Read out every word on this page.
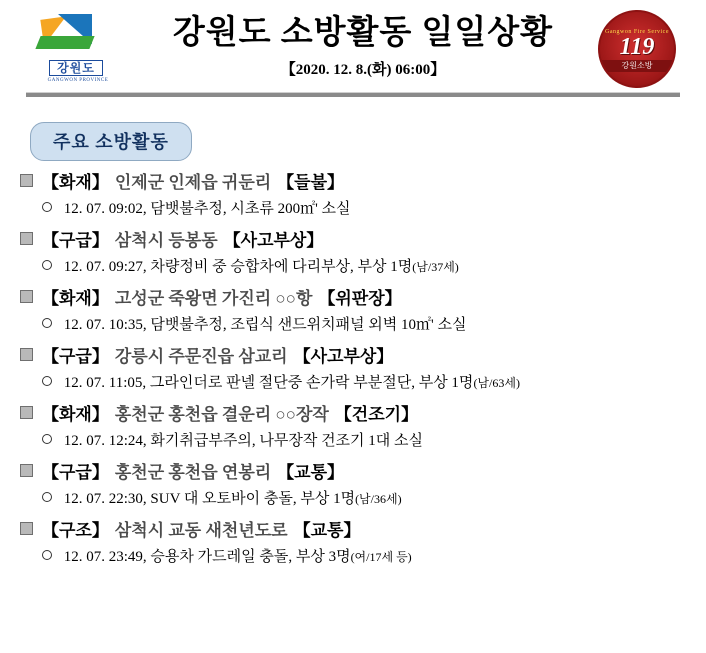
강원도
GANGWON PROVINCE
강원도 소방활동 일일상황
【2020. 12. 8.(화) 06:00】
Gangwon Fire Service
119
강원소방
주요 소방활동
【화재】 인제군 인제읍 귀둔리 【들불】
12. 07. 09:02, 담뱃불추정, 시초류 200㎡' 소실
【구급】 삼척시 등봉동 【사고부상】
12. 07. 09:27, 차량정비 중 승합차에 다리부상, 부상 1명(남/37세)
【화재】 고성군 죽왕면 가진리 ○○항 【위판장】
12. 07. 10:35, 담뱃불추정, 조립식 샌드위치패널 외벽 10㎡' 소실
【구급】 강릉시 주문진읍 삼교리 【사고부상】
12. 07. 11:05, 그라인더로 판넬 절단중 손가락 부분절단, 부상 1명(남/63세)
【화재】 홍천군 홍천읍 결운리 ○○장작 【건조기】
12. 07. 12:24, 화기취급부주의, 나무장작 건조기 1대 소실
【구급】 홍천군 홍천읍 연봉리 【교통】
12. 07. 22:30, SUV 대 오토바이 충돌, 부상 1명(남/36세)
【구조】 삼척시 교동 새천년도로 【교통】
12. 07. 23:49, 승용차 가드레일 충돌, 부상 3명(여/17세 등)
